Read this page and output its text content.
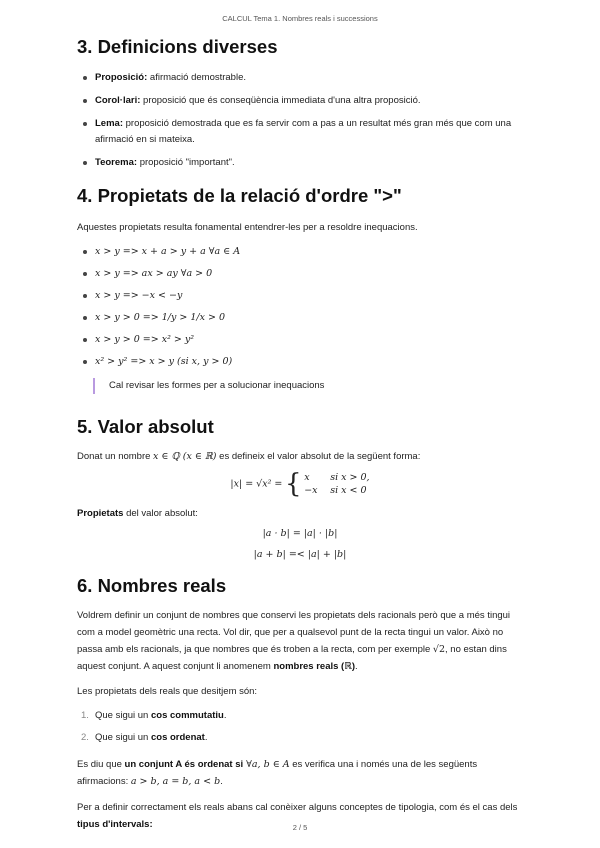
CALCUL Tema 1. Nombres reals i successions
3. Definicions diverses
Proposició: afirmació demostrable.
Corol·lari: proposició que és conseqüència immediata d'una altra proposició.
Lema: proposició demostrada que es fa servir com a pas a un resultat més gran més que com una afirmació en si mateixa.
Teorema: proposició "important".
4. Propietats de la relació d'ordre ">"

Aquestes propietats resulta fonamental entendrer-les per a resoldre inequacions.

x > y => x + a > y + a ∀a ∈ A
x > y => ax > ay ∀a > 0
x > y => −x < −y
x > y > 0 => 1/y > 1/x > 0
x > y > 0 => x² > y²
x² > y² => x > y (si x, y > 0)
Cal revisar les formes per a solucionar inequacions
5. Valor absolut

Donat un nombre x ∈ ℚ (x ∈ ℝ) es defineix el valor absolut de la següent forma:

|x| = √x² = { x si x > 0,
−x si x < 0

Propietats del valor absolut:

|a · b| = |a| · |b|
|a + b| =< |a| + |b|
6. Nombres reals

Voldrem definir un conjunt de nombres que conservi les propietats dels racionals però que a més tingui com a model geomètric una recta. Vol dir, que per a qualsevol punt de la recta tingui un valor. Això no passa amb els racionals, ja que nombres que és troben a la recta, com per exemple √2, no estan dins aquest conjunt. A aquest conjunt li anomenem nombres reals (ℝ).

Les propietats dels reals que desitjem són:

1. Que sigui un cos commutatiu.
2. Que sigui un cos ordenat.

Es diu que un conjunt A és ordenat si ∀a, b ∈ A es verifica una i només una de les següents afirmacions: a > b, a = b, a < b.

Per a definir correctament els reals abans cal conèixer alguns conceptes de tipologia, com és el cas dels tipus d'intervals:	2 / 5
